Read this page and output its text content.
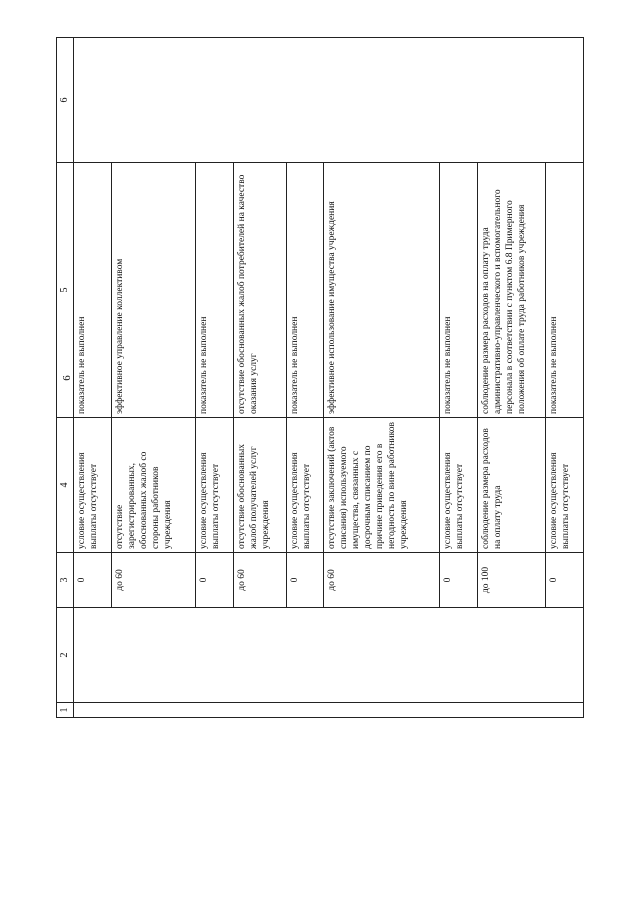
6
1	2	3	4	5	6
		0	условие осуществления выплаты отсутствует	показатель не выполнен	
		до 60	отсутствие зарегистрированных, обоснованных жалоб со стороны работников учреждения	эффективное управление коллективом	
		0	условие осуществления выплаты отсутствует	показатель не выполнен	
		до 60	отсутствие обоснованных жалоб получателей услуг учреждения	отсутствие обоснованных жалоб потребителей на качество оказания услуг	
		0	условие осуществления выплаты отсутствует	показатель не выполнен	
		до 60	отсутствие заключений (актов списания) используемого имущества, связанных с досрочным списанием по причине приведения его в негодность по вине работников учреждения	эффективное использование имущества учреждения	
		0	условие осуществления выплаты отсутствует	показатель не выполнен	
		до 100	соблюдение размера расходов на оплату труда	соблюдение размера расходов на оплату труда административно-управленческого и вспомогательного персонала в соответствии с пунктом 6.8 Примерного положения об оплате труда работников учреждения	
		0	условие осуществления выплаты отсутствует	показатель не выполнен	
